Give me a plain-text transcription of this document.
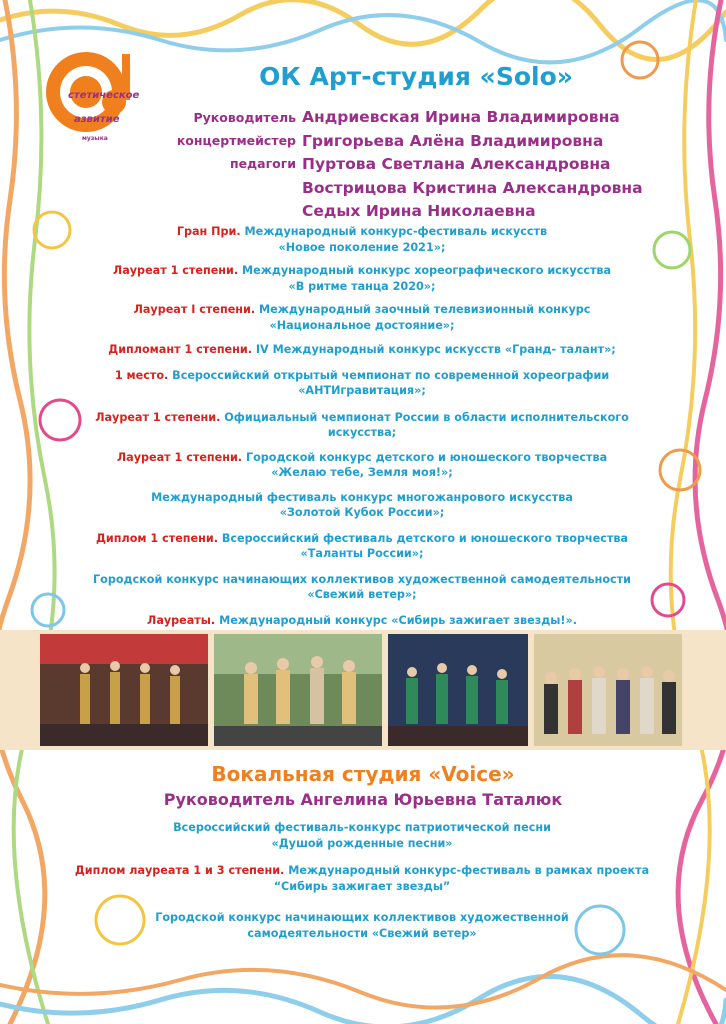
стетическое
азвитие
музыка
ОК Арт-студия «Solo»
Руководитель
концертмейстер
педагоги
Андриевская Ирина Владимировна
Григорьева Алёна Владимировна
Пуртова Светлана Александровна
Вострицова Кристина Александровна
Седых Ирина Николаевна
Гран При. Международный конкурс-фестиваль искусств
«Новое поколение 2021»;
Лауреат 1 степени. Международный конкурс хореографического искусства
«В ритме танца 2020»;
Лауреат I степени. Международный заочный телевизионный конкурс
«Национальное достояние»;
Дипломант 1 степени. IV Международный конкурс искусств «Гранд- талант»;
1 место. Всероссийский открытый чемпионат по современной хореографии
«АНТИгравитация»;
Лауреат 1 степени. Официальный чемпионат России в области исполнительского
искусства;
Лауреат 1 степени. Городской конкурс детского и юношеского творчества
«Желаю тебе, Земля моя!»;
Международный фестиваль конкурс многожанрового искусства
«Золотой Кубок России»;
Диплом 1 степени. Всероссийский фестиваль детского и юношеского творчества
«Таланты России»;
Городской конкурс начинающих коллективов художественной самодеятельности
«Свежий ветер»;
Лауреаты. Международный конкурс «Сибирь зажигает звезды!».
Вокальная студия «Voice»
Руководитель Ангелина Юрьевна Таталюк
Всероссийский фестиваль-конкурс патриотической песни
«Душой рожденные песни»
Диплом лауреата 1 и 3 степени. Международный конкурс-фестиваль в рамках проекта
“Сибирь зажигает звезды”
Городской конкурс начинающих коллективов художественной
самодеятельности «Свежий ветер»
